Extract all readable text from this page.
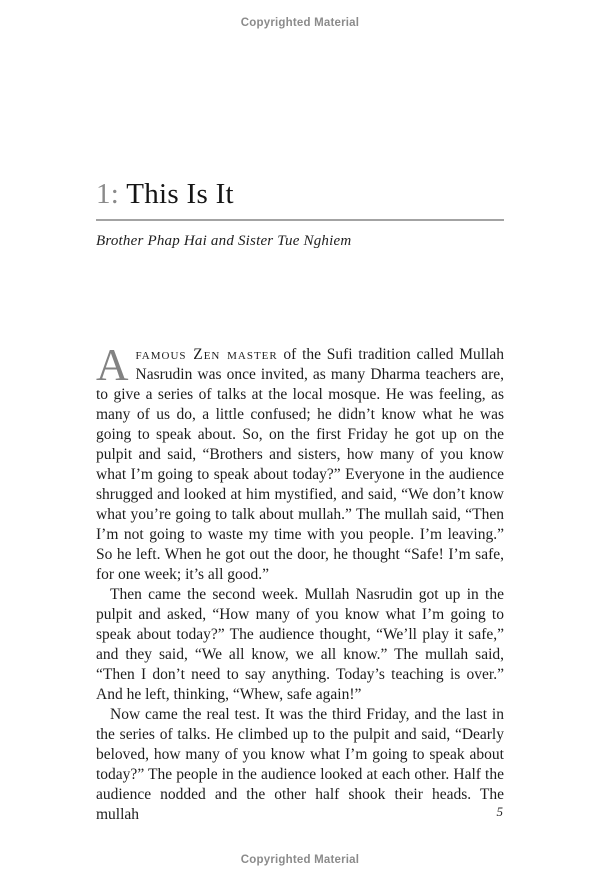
Copyrighted Material
1: This Is It
Brother Phap Hai and Sister Tue Nghiem

Afamous Zen master of the Sufi tradition called Mullah Nasrudin was once invited, as many Dharma teachers are, to give a series of talks at the local mosque. He was feeling, as many of us do, a little confused; he didn’t know what he was going to speak about. So, on the first Friday he got up on the pulpit and said, “Brothers and sisters, how many of you know what I’m going to speak about today?” Everyone in the audience shrugged and looked at him mystified, and said, “We don’t know what you’re going to talk about mullah.” The mullah said, “Then I’m not going to waste my time with you people. I’m leaving.” So he left. When he got out the door, he thought “Safe! I’m safe, for one week; it’s all good.”

Then came the second week. Mullah Nasrudin got up in the pulpit and asked, “How many of you know what I’m going to speak about today?” The audience thought, “We’ll play it safe,” and they said, “We all know, we all know.” The mullah said, “Then I don’t need to say anything. Today’s teaching is over.” And he left, thinking, “Whew, safe again!”

Now came the real test. It was the third Friday, and the last in the series of talks. He climbed up to the pulpit and said, “Dearly beloved, how many of you know what I’m going to speak about today?” The people in the audience looked at each other. Half the audience nodded and the other half shook their heads. The mullah	5
Copyrighted Material
